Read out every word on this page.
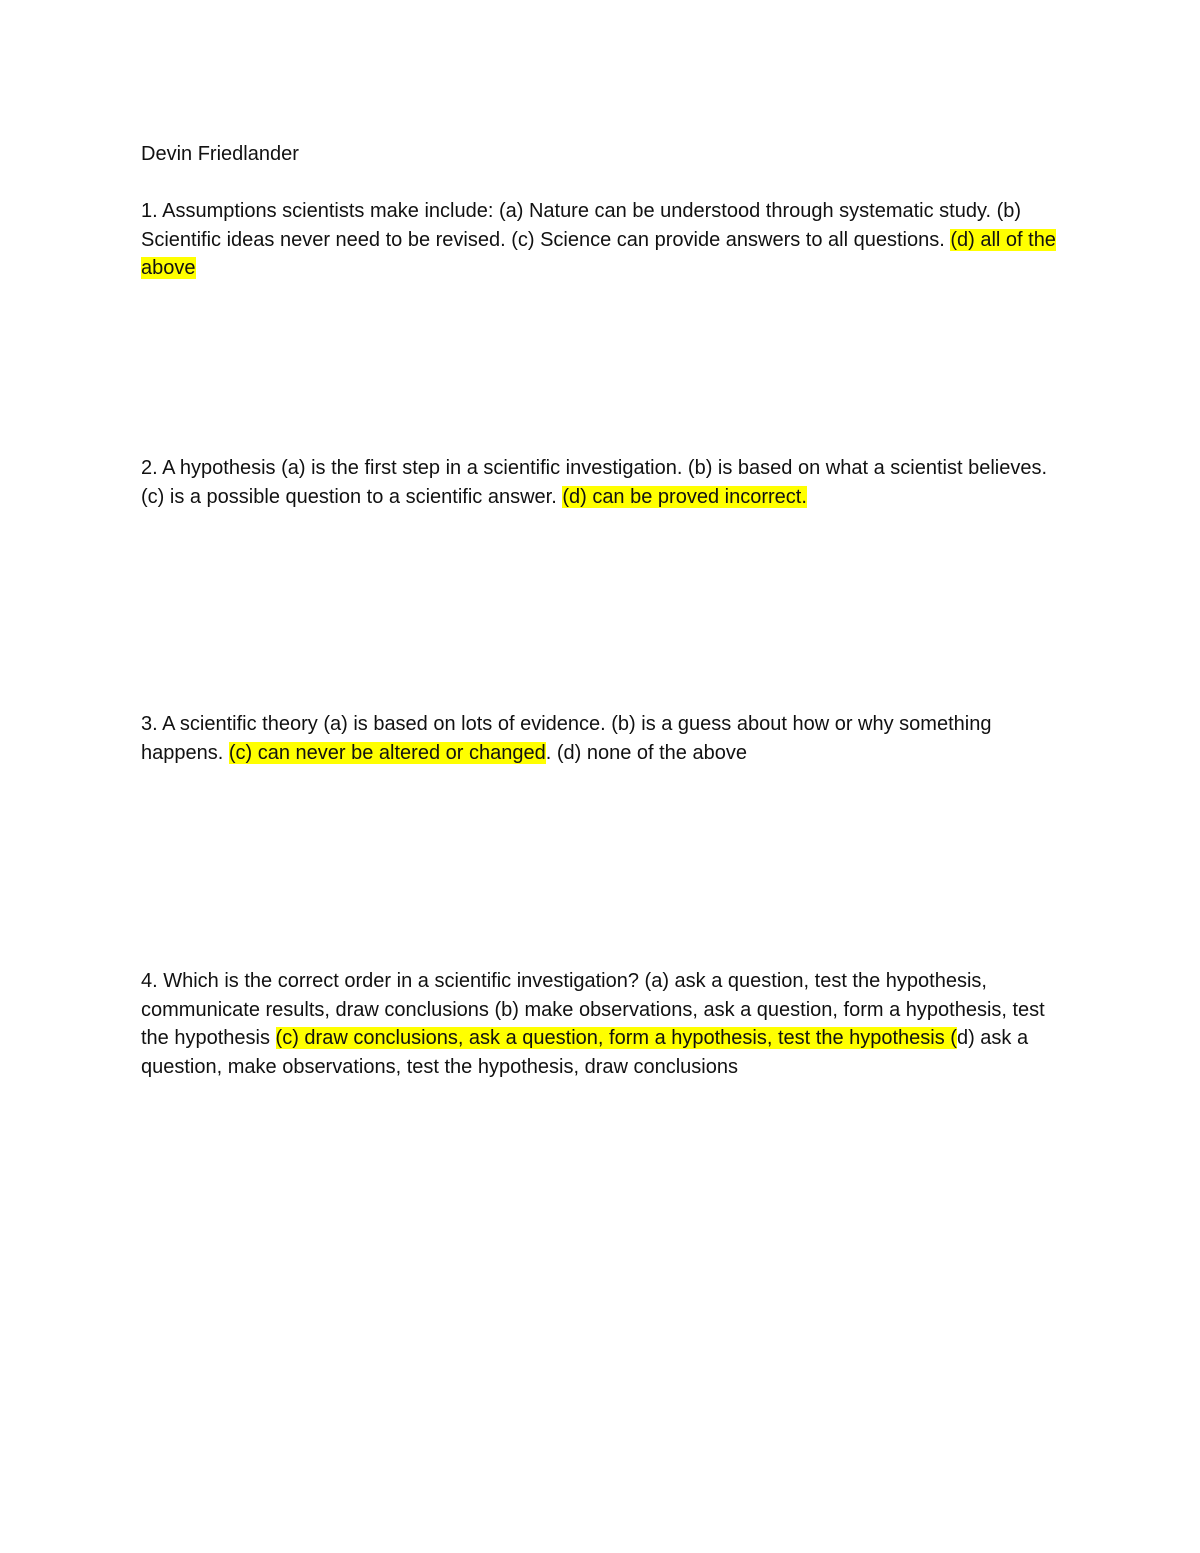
Devin Friedlander

1. Assumptions scientists make include: (a) Nature can be understood through systematic study. (b) Scientific ideas never need to be revised. (c) Science can provide answers to all questions. (d) all of the above

2. A hypothesis (a) is the first step in a scientific investigation. (b) is based on what a scientist believes. (c) is a possible question to a scientific answer. (d) can be proved incorrect.

3. A scientific theory (a) is based on lots of evidence. (b) is a guess about how or why something happens. (c) can never be altered or changed. (d) none of the above

4. Which is the correct order in a scientific investigation? (a) ask a question, test the hypothesis, communicate results, draw conclusions (b) make observations, ask a question, form a hypothesis, test the hypothesis (c) draw conclusions, ask a question, form a hypothesis, test the hypothesis (d) ask a question, make observations, test the hypothesis, draw conclusions
